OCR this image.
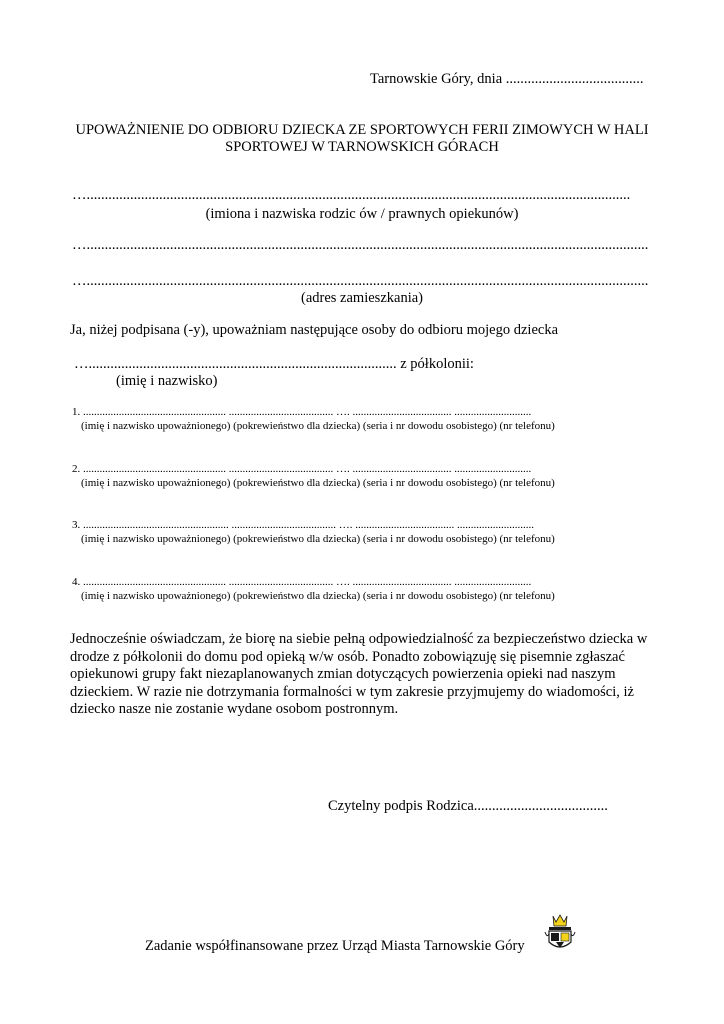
Tarnowskie Góry, dnia ......................................
UPOWAŻNIENIE DO ODBIORU DZIECKA ZE SPORTOWYCH FERII ZIMOWYCH W HALI
SPORTOWEJ W TARNOWSKICH GÓRACH
…......................................................................................................................................................
(imiona i nazwiska rodzic ów / prawnych opiekunów)
…...........................................................................................................................................................
…...........................................................................................................................................................
(adres zamieszkania)
Ja, niżej podpisana (-y), upoważniam następujące osoby do odbioru mojego dziecka
…..................................................................................... z półkolonii:
(imię i nazwisko)
1. .................................................... ...................................... …. .................................... ............................
(imię i nazwisko upoważnionego) (pokrewieństwo dla dziecka) (seria i nr dowodu osobistego) (nr telefonu)
2. .................................................... ...................................... …. .................................... ............................
(imię i nazwisko upoważnionego) (pokrewieństwo dla dziecka) (seria i nr dowodu osobistego) (nr telefonu)
3. ..................................................... ...................................... …. .................................... ............................
(imię i nazwisko upoważnionego) (pokrewieństwo dla dziecka) (seria i nr dowodu osobistego) (nr telefonu)
4. .................................................... ...................................... …. .................................... ............................
(imię i nazwisko upoważnionego) (pokrewieństwo dla dziecka) (seria i nr dowodu osobistego) (nr telefonu)
Jednocześnie oświadczam, że biorę na siebie pełną odpowiedzialność za bezpieczeństwo dziecka w drodze z półkolonii do domu pod opieką w/w osób. Ponadto zobowiązuję się pisemnie zgłaszać opiekunowi grupy fakt niezaplanowanych zmian dotyczących powierzenia opieki nad naszym dzieckiem. W razie nie dotrzymania formalności w tym zakresie przyjmujemy do wiadomości, iż dziecko nasze nie zostanie wydane osobom postronnym.
Czytelny podpis Rodzica.....................................
Zadanie współfinansowane przez Urząd Miasta Tarnowskie Góry
